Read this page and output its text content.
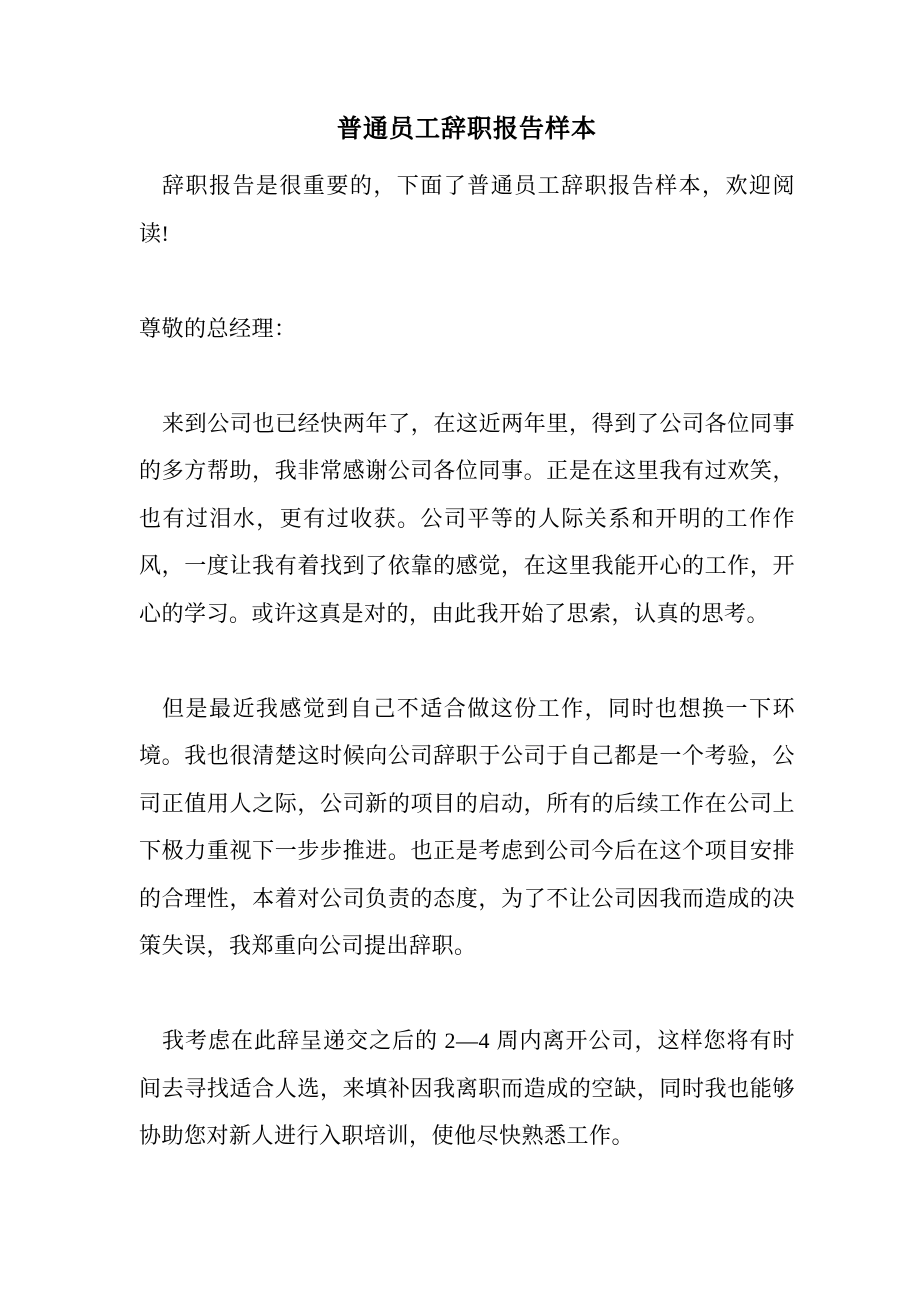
普通员工辞职报告样本

辞职报告是很重要的，下面了普通员工辞职报告样本，欢迎阅读!

尊敬的总经理：

来到公司也已经快两年了，在这近两年里，得到了公司各位同事的多方帮助，我非常感谢公司各位同事。正是在这里我有过欢笑，也有过泪水，更有过收获。公司平等的人际关系和开明的工作作风，一度让我有着找到了依靠的感觉，在这里我能开心的工作，开心的学习。或许这真是对的，由此我开始了思索，认真的思考。

但是最近我感觉到自己不适合做这份工作，同时也想换一下环境。我也很清楚这时候向公司辞职于公司于自己都是一个考验，公司正值用人之际，公司新的项目的启动，所有的后续工作在公司上下极力重视下一步步推进。也正是考虑到公司今后在这个项目安排的合理性，本着对公司负责的态度，为了不让公司因我而造成的决策失误，我郑重向公司提出辞职。

我考虑在此辞呈递交之后的 2—4 周内离开公司，这样您将有时间去寻找适合人选，来填补因我离职而造成的空缺，同时我也能够协助您对新人进行入职培训，使他尽快熟悉工作。
